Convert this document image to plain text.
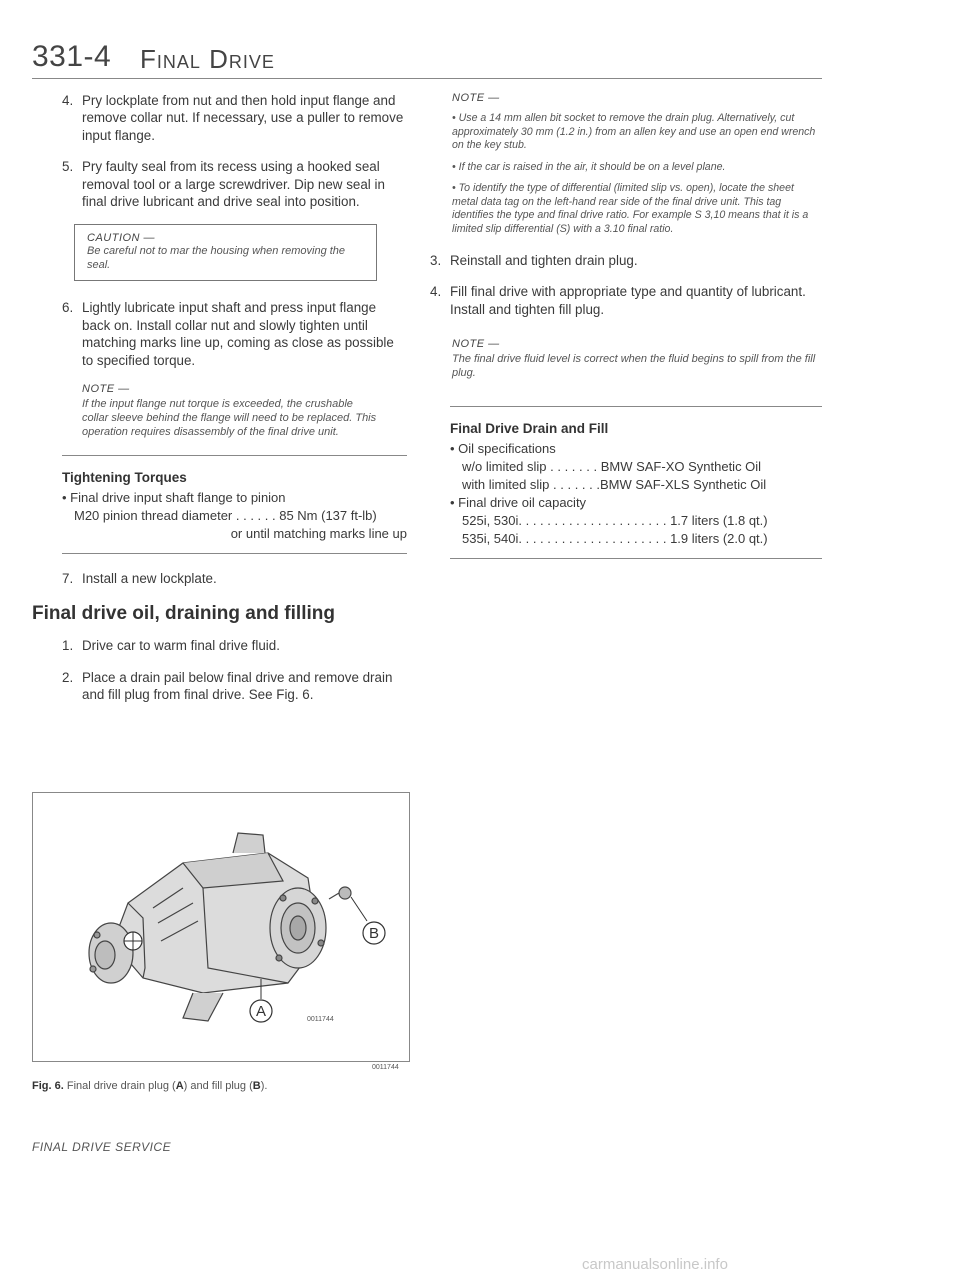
331-4 Final Drive
4. Pry lockplate from nut and then hold input flange and remove collar nut. If necessary, use a puller to remove input flange.
5. Pry faulty seal from its recess using a hooked seal removal tool or a large screwdriver. Dip new seal in final drive lubricant and drive seal into position.
CAUTION —
Be careful not to mar the housing when removing the seal.
6. Lightly lubricate input shaft and press input flange back on. Install collar nut and slowly tighten until matching marks line up, coming as close as possible to specified torque.
NOTE —
If the input flange nut torque is exceeded, the crushable collar sleeve behind the flange will need to be replaced. This operation requires disassembly of the final drive unit.
Tightening Torques
• Final drive input shaft flange to pinion
M20 pinion thread diameter . . . . . . 85 Nm (137 ft-lb)
or until matching marks line up
7. Install a new lockplate.
Final drive oil, draining and filling
1. Drive car to warm final drive fluid.
2. Place a drain pail below final drive and remove drain and fill plug from final drive. See Fig. 6.
NOTE —
• Use a 14 mm allen bit socket to remove the drain plug. Alternatively, cut approximately 30 mm (1.2 in.) from an allen key and use an open end wrench on the key stub.
• If the car is raised in the air, it should be on a level plane.
• To identify the type of differential (limited slip vs. open), locate the sheet metal data tag on the left-hand rear side of the final drive unit. This tag identifies the type and final drive ratio. For example S 3,10 means that it is a limited slip differential (S) with a 3.10 final ratio.
3. Reinstall and tighten drain plug.
4. Fill final drive with appropriate type and quantity of lubricant. Install and tighten fill plug.
NOTE —
The final drive fluid level is correct when the fluid begins to spill from the fill plug.
Final Drive Drain and Fill
• Oil specifications
w/o limited slip . . . . . . . BMW SAF-XO Synthetic Oil
with limited slip . . . . . . .BMW SAF-XLS Synthetic Oil
• Final drive oil capacity
525i, 530i. . . . . . . . . . . . . . . . . . . . . 1.7 liters (1.8 qt.)
535i, 540i. . . . . . . . . . . . . . . . . . . . . 1.9 liters (2.0 qt.)
B
A	0011744
0011744
Fig. 6. Final drive drain plug (A) and fill plug (B).
FINAL DRIVE SERVICE
carmanualsonline.info
